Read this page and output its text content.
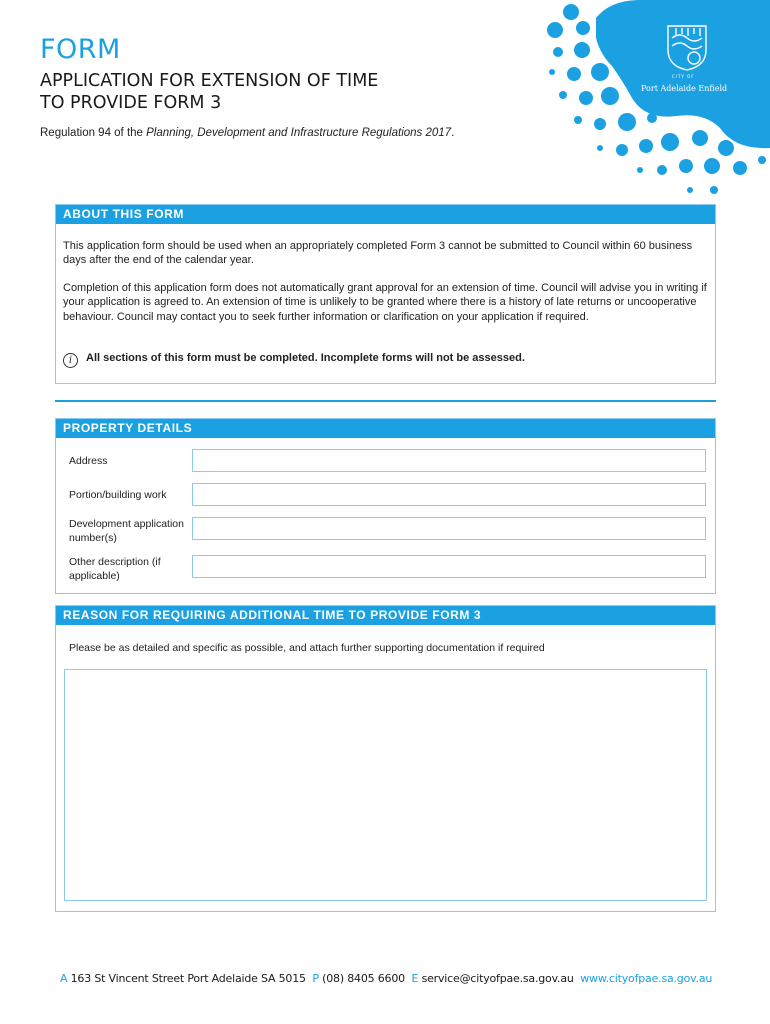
CITY OF
Port Adelaide Enfield
FORM
APPLICATION FOR EXTENSION OF TIME
TO PROVIDE FORM 3
Regulation 94 of the Planning, Development and Infrastructure Regulations 2017.
ABOUT THIS FORM

This application form should be used when an appropriately completed Form 3 cannot be submitted to Council within 60 business days after the end of the calendar year.

Completion of this application form does not automatically grant approval for an extension of time. Council will advise you in writing if your application is agreed to. An extension of time is unlikely to be granted where there is a history of late returns or uncooperative behaviour. Council may contact you to seek further information or clarification on your application if required.

i All sections of this form must be completed. Incomplete forms will not be assessed.

PROPERTY DETAILS
Address
Portion/building work
Development application number(s)
Other description (if applicable)
REASON FOR REQUIRING ADDITIONAL TIME TO PROVIDE FORM 3
Please be as detailed and specific as possible, and attach further supporting documentation if required
A 163 St Vincent Street Port Adelaide SA 5015 P (08) 8405 6600 E service@cityofpae.sa.gov.au www.cityofpae.sa.gov.au
